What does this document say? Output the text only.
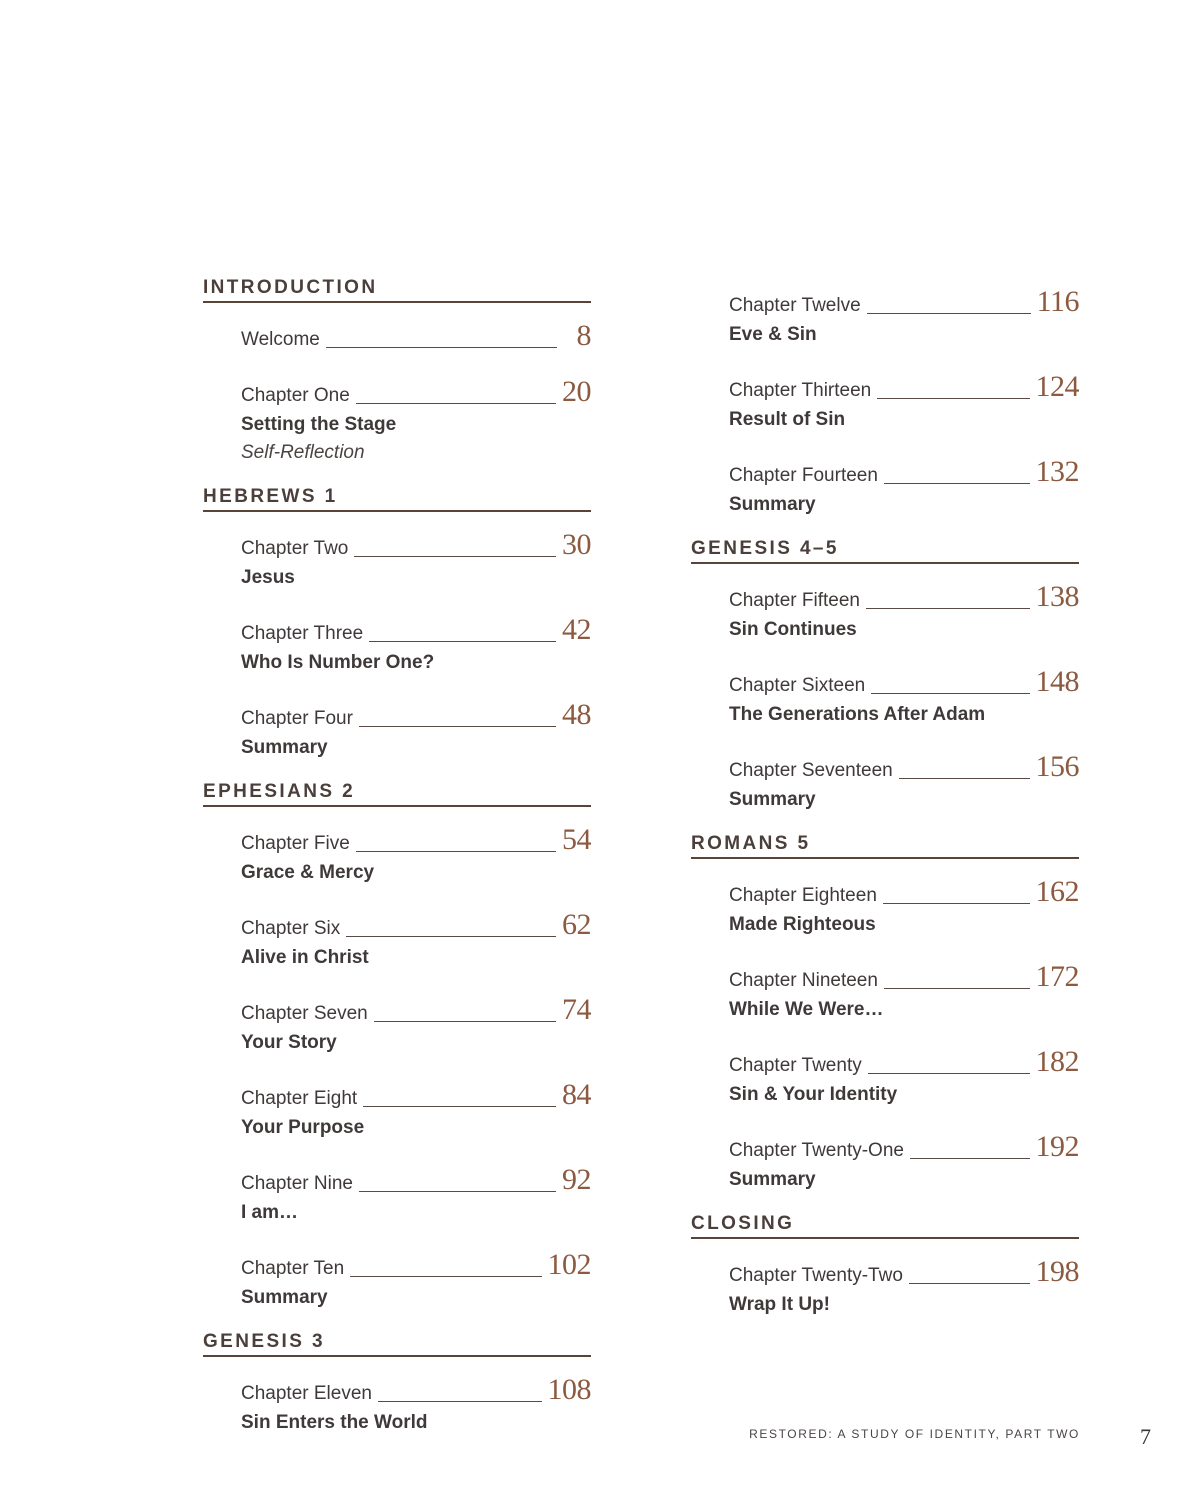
INTRODUCTION
Welcome	8
Chapter One	20
Setting the Stage
Self-Reflection
HEBREWS 1
Chapter Two	30
Jesus
Chapter Three	42
Who Is Number One?
Chapter Four	48
Summary
EPHESIANS 2
Chapter Five	54
Grace & Mercy
Chapter Six	62
Alive in Christ
Chapter Seven	74
Your Story
Chapter Eight	84
Your Purpose
Chapter Nine	92
I am…
Chapter Ten	102
Summary
GENESIS 3
Chapter Eleven	108
Sin Enters the World
Chapter Twelve	116
Eve & Sin
Chapter Thirteen	124
Result of Sin
Chapter Fourteen	132
Summary
GENESIS 4–5
Chapter Fifteen	138
Sin Continues
Chapter Sixteen	148
The Generations After Adam
Chapter Seventeen	156
Summary
ROMANS 5
Chapter Eighteen	162
Made Righteous
Chapter Nineteen	172
While We Were…
Chapter Twenty	182
Sin & Your Identity
Chapter Twenty-One	192
Summary
CLOSING
Chapter Twenty-Two	198
Wrap It Up!
RESTORED: A STUDY OF IDENTITY, PART TWO	7
